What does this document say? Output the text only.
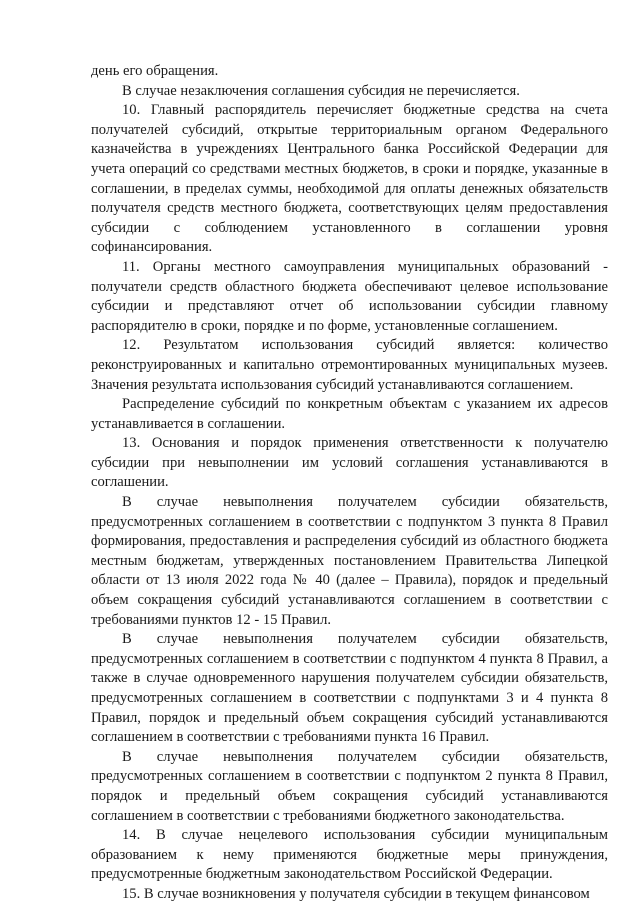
день его обращения.

В случае незаключения соглашения субсидия не перечисляется.

10. Главный распорядитель перечисляет бюджетные средства на счета получателей субсидий, открытые территориальным органом Федерального казначейства в учреждениях Центрального банка Российской Федерации для учета операций со средствами местных бюджетов, в сроки и порядке, указанные в соглашении, в пределах суммы, необходимой для оплаты денежных обязательств получателя средств местного бюджета, соответствующих целям предоставления субсидии с соблюдением установленного в соглашении уровня софинансирования.

11. Органы местного самоуправления муниципальных образований - получатели средств областного бюджета обеспечивают целевое использование субсидии и представляют отчет об использовании субсидии главному распорядителю в сроки, порядке и по форме, установленные соглашением.

12. Результатом использования субсидий является: количество реконструированных и капитально отремонтированных муниципальных музеев. Значения результата использования субсидий устанавливаются соглашением.

Распределение субсидий по конкретным объектам с указанием их адресов устанавливается в соглашении.

13. Основания и порядок применения ответственности к получателю субсидии при невыполнении им условий соглашения устанавливаются в соглашении.

В случае невыполнения получателем субсидии обязательств, предусмотренных соглашением в соответствии с подпунктом 3 пункта 8 Правил формирования, предоставления и распределения субсидий из областного бюджета местным бюджетам, утвержденных постановлением Правительства Липецкой области от 13 июля 2022 года № 40 (далее – Правила), порядок и предельный объем сокращения субсидий устанавливаются соглашением в соответствии с требованиями пунктов 12 - 15 Правил.

В случае невыполнения получателем субсидии обязательств, предусмотренных соглашением в соответствии с подпунктом 4 пункта 8 Правил, а также в случае одновременного нарушения получателем субсидии обязательств, предусмотренных соглашением в соответствии с подпунктами 3 и 4 пункта 8 Правил, порядок и предельный объем сокращения субсидий устанавливаются соглашением в соответствии с требованиями пункта 16 Правил.

В случае невыполнения получателем субсидии обязательств, предусмотренных соглашением в соответствии с подпунктом 2 пункта 8 Правил, порядок и предельный объем сокращения субсидий устанавливаются соглашением в соответствии с требованиями бюджетного законодательства.

14. В случае нецелевого использования субсидии муниципальным образованием к нему применяются бюджетные меры принуждения, предусмотренные бюджетным законодательством Российской Федерации.

15. В случае возникновения у получателя субсидии в текущем финансовом
